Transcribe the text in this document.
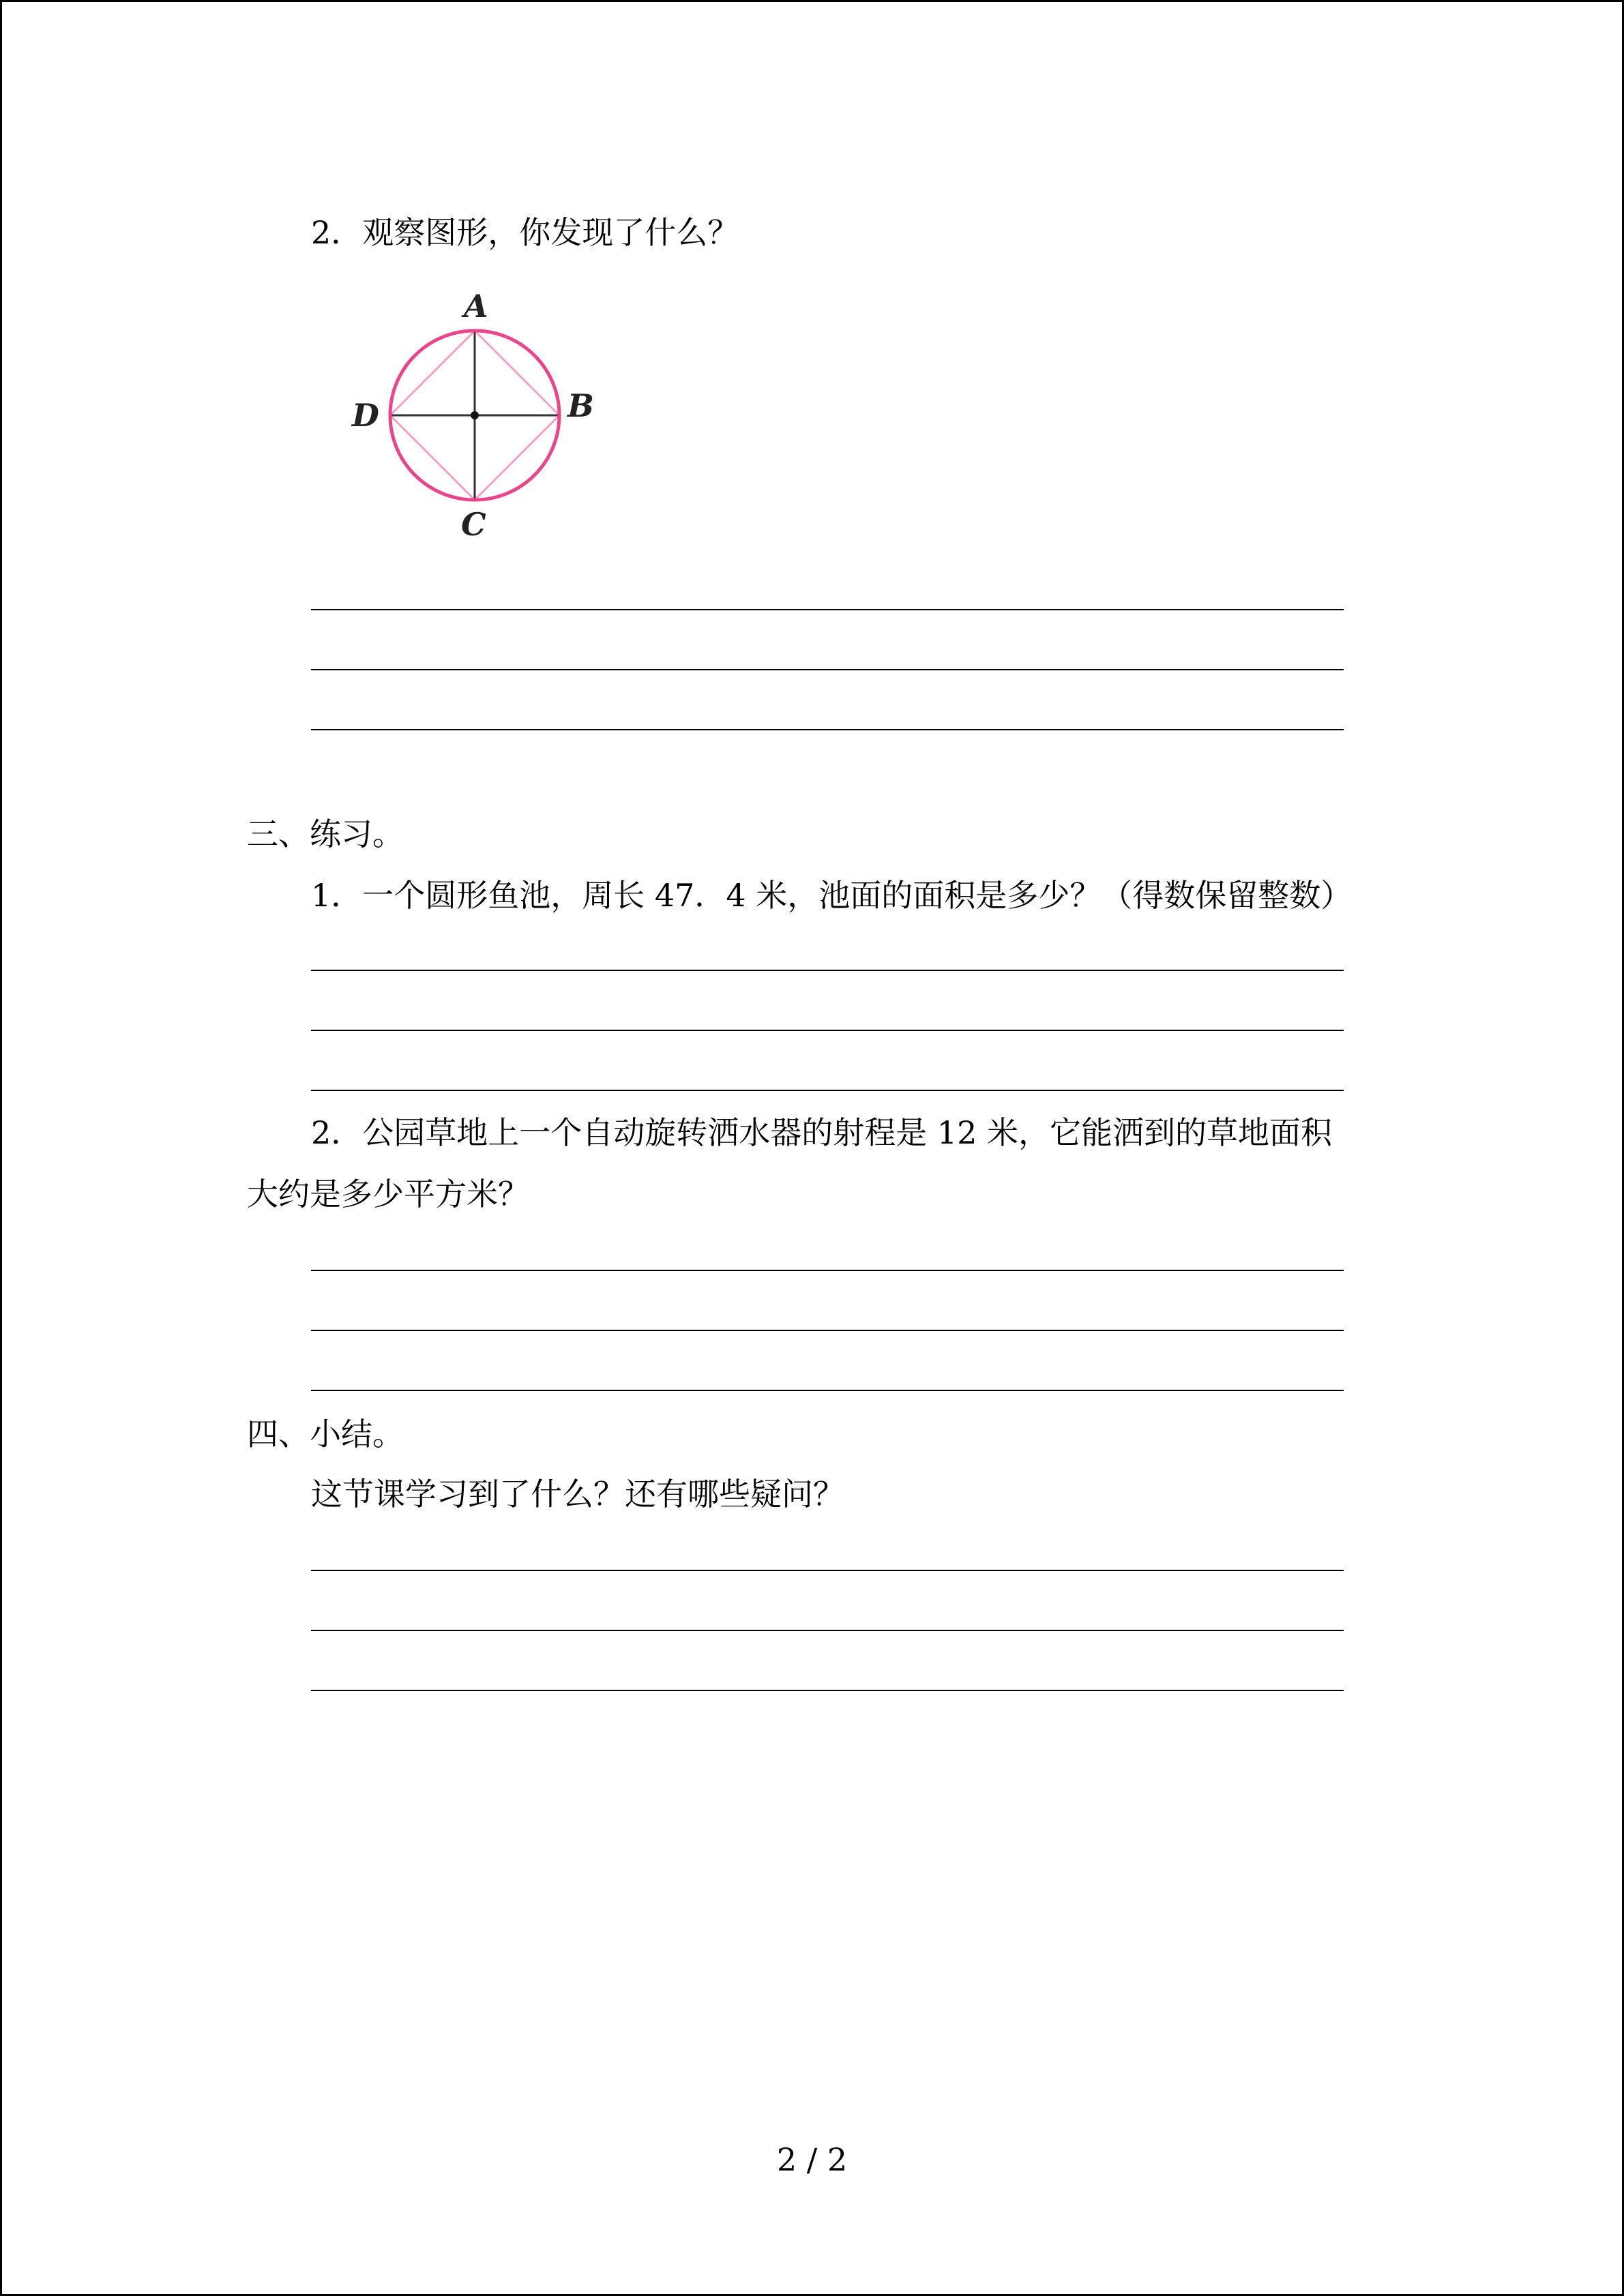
2．观察图形，你发现了什么？
A
B
C
D
三、练习。
1．一个圆形鱼池，周长 47．4 米，池面的面积是多少？（得数保留整数）
2．公园草地上一个自动旋转洒水器的射程是 12 米，它能洒到的草地面积
大约是多少平方米？
四、小结。
这节课学习到了什么？还有哪些疑问？
2 / 2
